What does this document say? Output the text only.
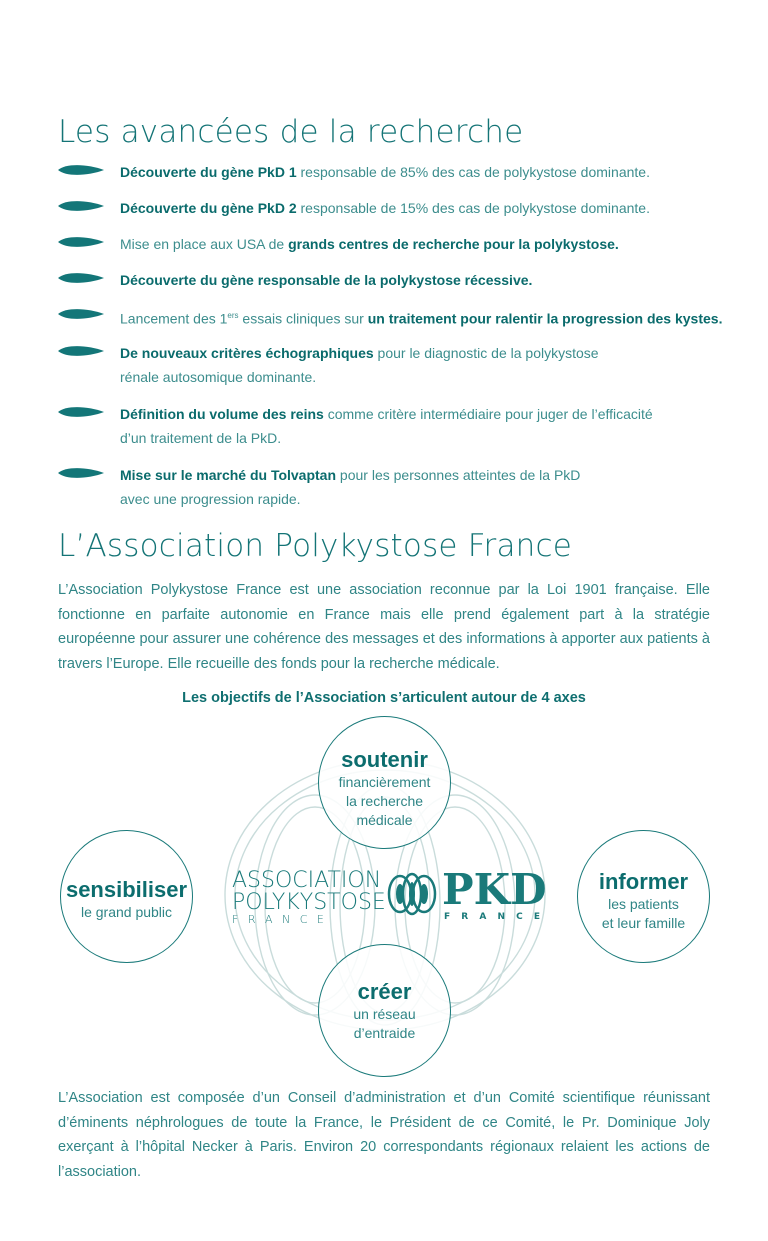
Les avancées de la recherche
Découverte du gène PkD 1 responsable de 85% des cas de polykystose dominante.
Découverte du gène PkD 2 responsable de 15% des cas de polykystose dominante.
Mise en place aux USA de grands centres de recherche pour la polykystose.
Découverte du gène responsable de la polykystose récessive.
Lancement des 1ers essais cliniques sur un traitement pour ralentir la progression des kystes.
De nouveaux critères échographiques pour le diagnostic de la polykystose
rénale autosomique dominante.
Définition du volume des reins comme critère intermédiaire pour juger de l’efficacité
d’un traitement de la PkD.
Mise sur le marché du Tolvaptan pour les personnes atteintes de la PkD
avec une progression rapide.
L’Association Polykystose France
L’Association Polykystose France est une association reconnue par la Loi 1901 française. Elle fonctionne en parfaite autonomie en France mais elle prend également part à la stratégie européenne pour assurer une cohérence des messages et des informations à apporter aux patients à travers l’Europe. Elle recueille des fonds pour la recherche médicale.
Les objectifs de l’Association s’articulent autour de 4 axes
ASSOCIATION
POLYKYSTOSE
F R A N C E
PKD
F R A N C E
soutenir
financièrement
la recherche
médicale
sensibiliser
le grand public
informer
les patients
et leur famille
créer
un réseau
d’entraide
L’Association est composée d’un Conseil d’administration et d’un Comité scientifique réunissant d’éminents néphrologues de toute la France, le Président de ce Comité, le Pr. Dominique Joly exerçant à l’hôpital Necker à Paris. Environ 20 correspondants régionaux relaient les actions de l’association.
